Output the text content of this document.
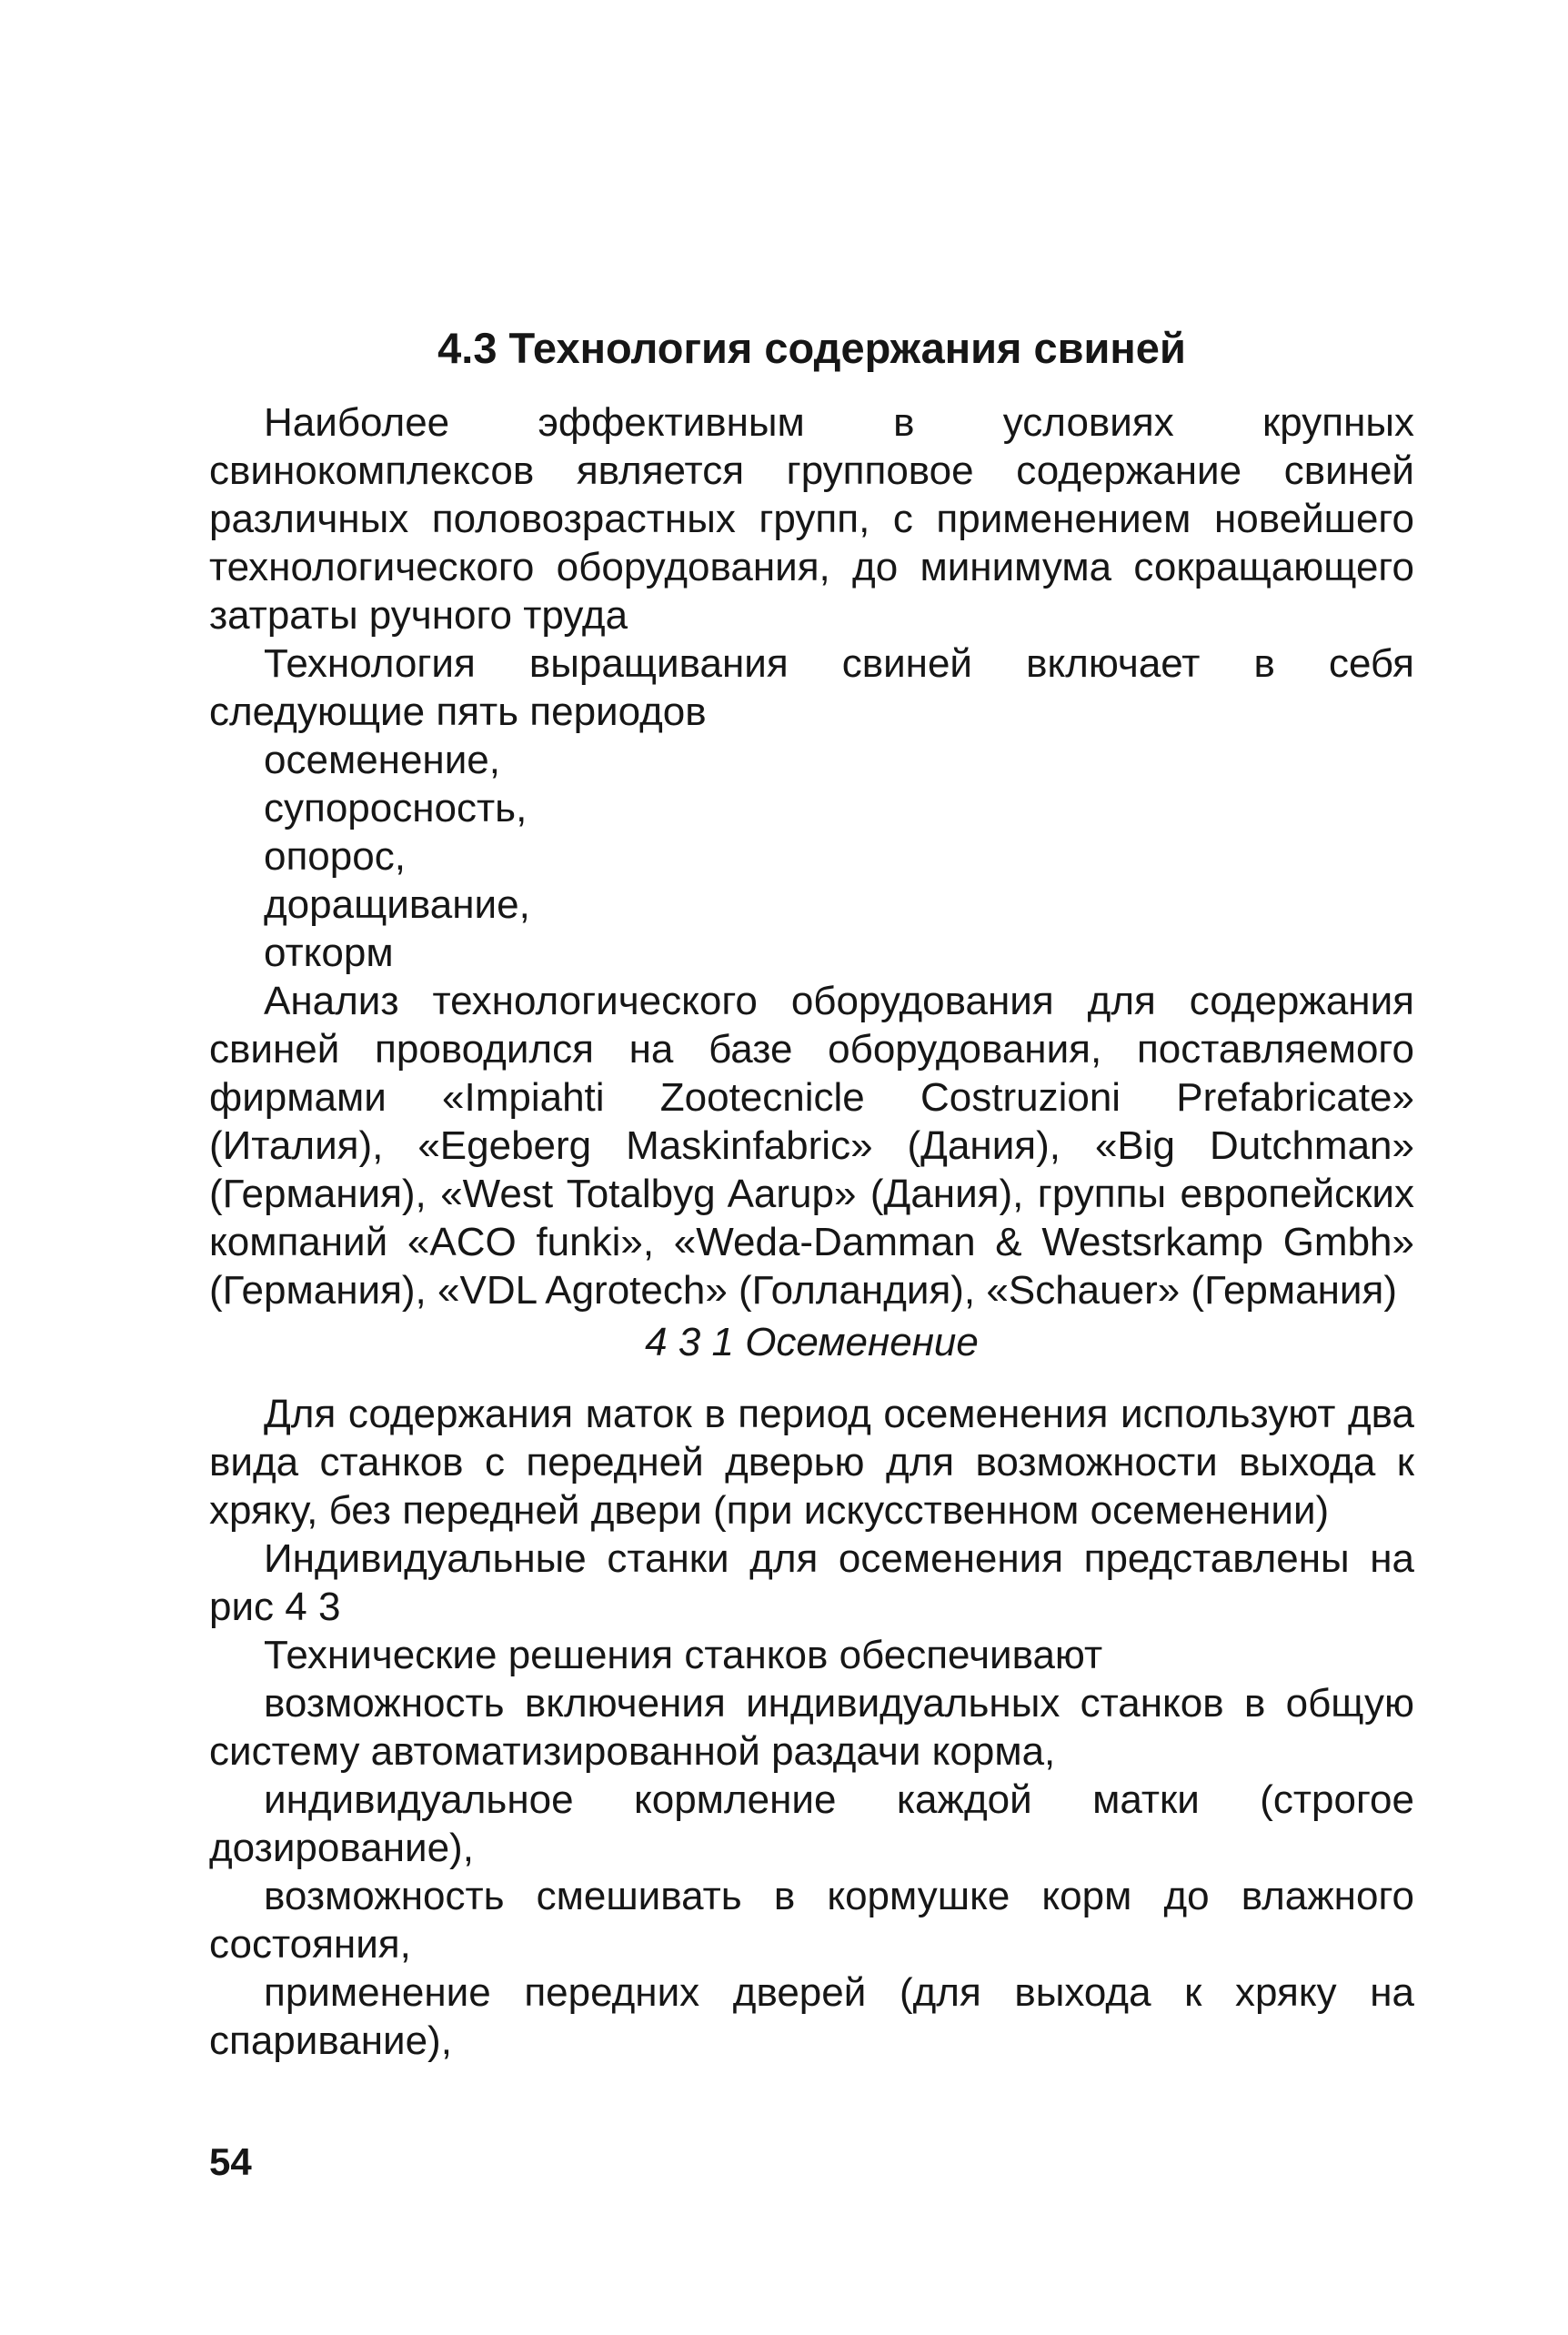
4.3 Технология содержания свиней

Наиболее эффективным в условиях крупных свинокомплексов является групповое содержание свиней различных половозрастных групп, с применением новейшего технологического оборудования, до минимума сокращающего затраты ручного труда

Технология выращивания свиней включает в себя следующие пять периодов

осеменение,
супоросность,
опорос,
доращивание,
откорм

Анализ технологического оборудования для содержания свиней проводился на базе оборудования, поставляемого фирмами «Impiahti Zootecnicle Costruzioni Prefabricate» (Италия), «Egeberg Maskinfabric» (Дания), «Big Dutchman» (Германия), «West Totalbyg Aarup» (Дания), группы европейских компаний «ACO funki», «Weda-Damman & Westsrkamp Gmbh» (Германия), «VDL Agrotech» (Голландия), «Schauer» (Германия)

4 3 1 Осеменение

Для содержания маток в период осеменения используют два вида станков с передней дверью для возможности выхода к хряку, без передней двери (при искусственном осеменении)

Индивидуальные станки для осеменения представлены на рис 4 3

Технические решения станков обеспечивают

возможность включения индивидуальных станков в общую систему автоматизированной раздачи корма,

индивидуальное кормление каждой матки (строгое дозирование),

возможность смешивать в кормушке корм до влажного состояния,

применение передних дверей (для выхода к хряку на спаривание),

54
